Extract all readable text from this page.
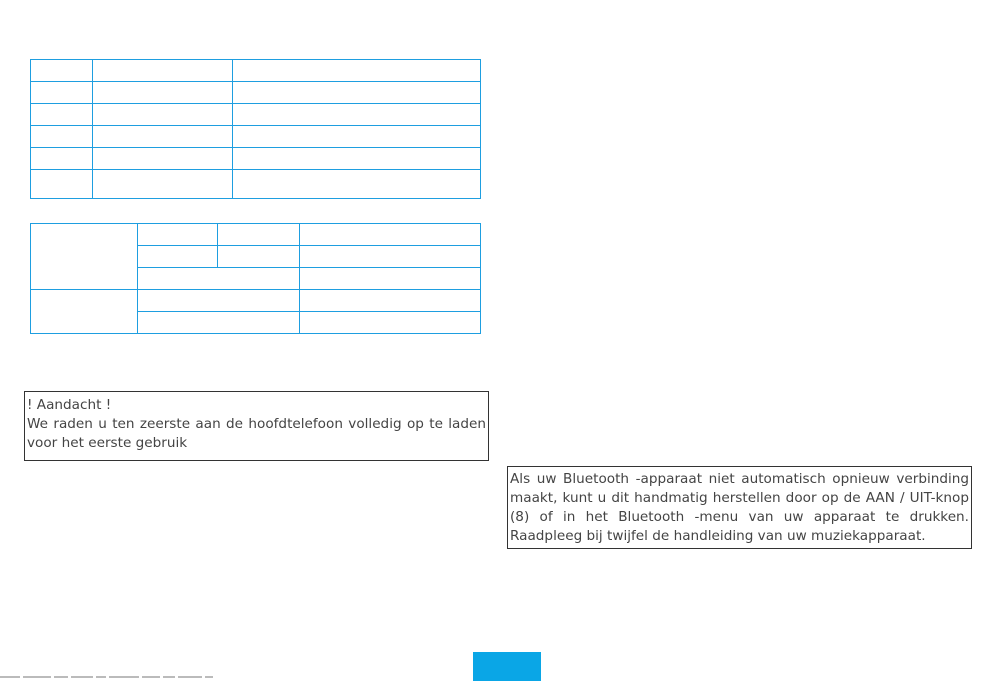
! Aandacht !
We raden u ten zeerste aan de hoofdtelefoon volledig op te laden voor het eerste gebruik
Als uw Bluetooth -apparaat niet automatisch opnieuw verbinding maakt, kunt u dit handmatig herstellen door op de AAN / UIT-knop (8) of in het Bluetooth -menu van uw apparaat te drukken. Raadpleeg bij twijfel de handleiding van uw muziekapparaat.
